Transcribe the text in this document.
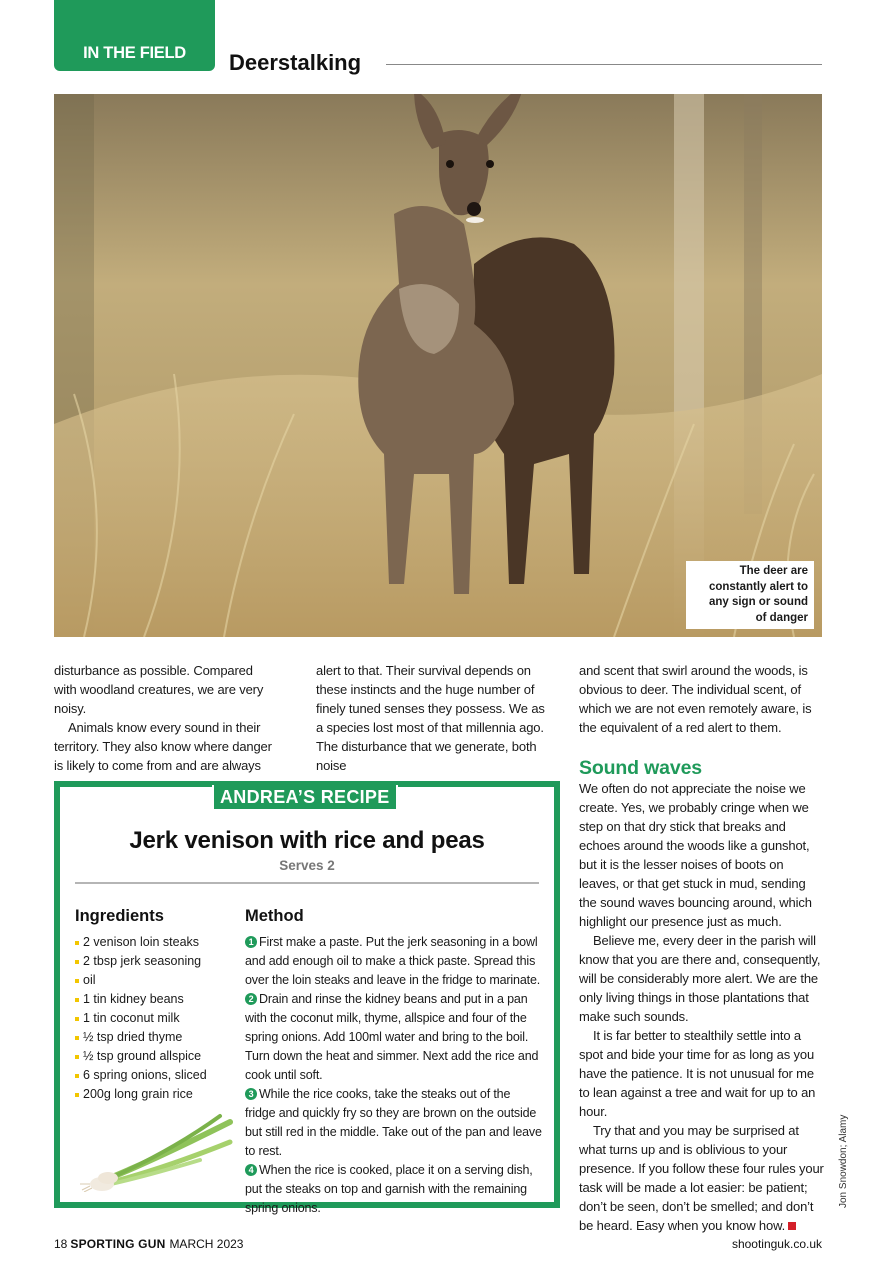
IN THE FIELD	Deerstalking
The deer are constantly alert to any sign or sound of danger

disturbance as possible. Compared with woodland creatures, we are very noisy.

Animals know every sound in their territory. They also know where danger is likely to come from and are always

alert to that. Their survival depends on these instincts and the huge number of finely tuned senses they possess. We as a species lost most of that millennia ago. The disturbance that we generate, both noise

and scent that swirl around the woods, is obvious to deer. The individual scent, of which we are not even remotely aware, is the equivalent of a red alert to them.

Sound waves

We often do not appreciate the noise we create. Yes, we probably cringe when we step on that dry stick that breaks and echoes around the woods like a gunshot, but it is the lesser noises of boots on leaves, or that get stuck in mud, sending the sound waves bouncing around, which highlight our presence just as much.

Believe me, every deer in the parish will know that you are there and, consequently, will be considerably more alert. We are the only living things in those plantations that make such sounds.

It is far better to stealthily settle into a spot and bide your time for as long as you have the patience. It is not unusual for me to lean against a tree and wait for up to an hour.

Try that and you may be surprised at what turns up and is oblivious to your presence. If you follow these four rules your task will be made a lot easier: be patient; don’t be seen, don’t be smelled; and don’t be heard. Easy when you know how.

ANDREA’S RECIPE
Jerk venison with rice and peas
Serves 2
Ingredients
2 venison loin steaks
2 tbsp jerk seasoning
oil
1 tin kidney beans
1 tin coconut milk
½ tsp dried thyme
½ tsp ground allspice
6 spring onions, sliced
200g long grain rice
Method
1 First make a paste. Put the jerk seasoning in a bowl and add enough oil to make a thick paste. Spread this over the loin steaks and leave in the fridge to marinate.
2 Drain and rinse the kidney beans and put in a pan with the coconut milk, thyme, allspice and four of the spring onions. Add 100ml water and bring to the boil. Turn down the heat and simmer. Next add the rice and cook until soft.
3 While the rice cooks, take the steaks out of the fridge and quickly fry so they are brown on the outside but still red in the middle. Take out of the pan and leave to rest.
4 When the rice is cooked, place it on a serving dish, put the steaks on top and garnish with the remaining spring onions.	Jon Snowdon; Alamy
18 SPORTING GUN MARCH 2023	shootinguk.co.uk
